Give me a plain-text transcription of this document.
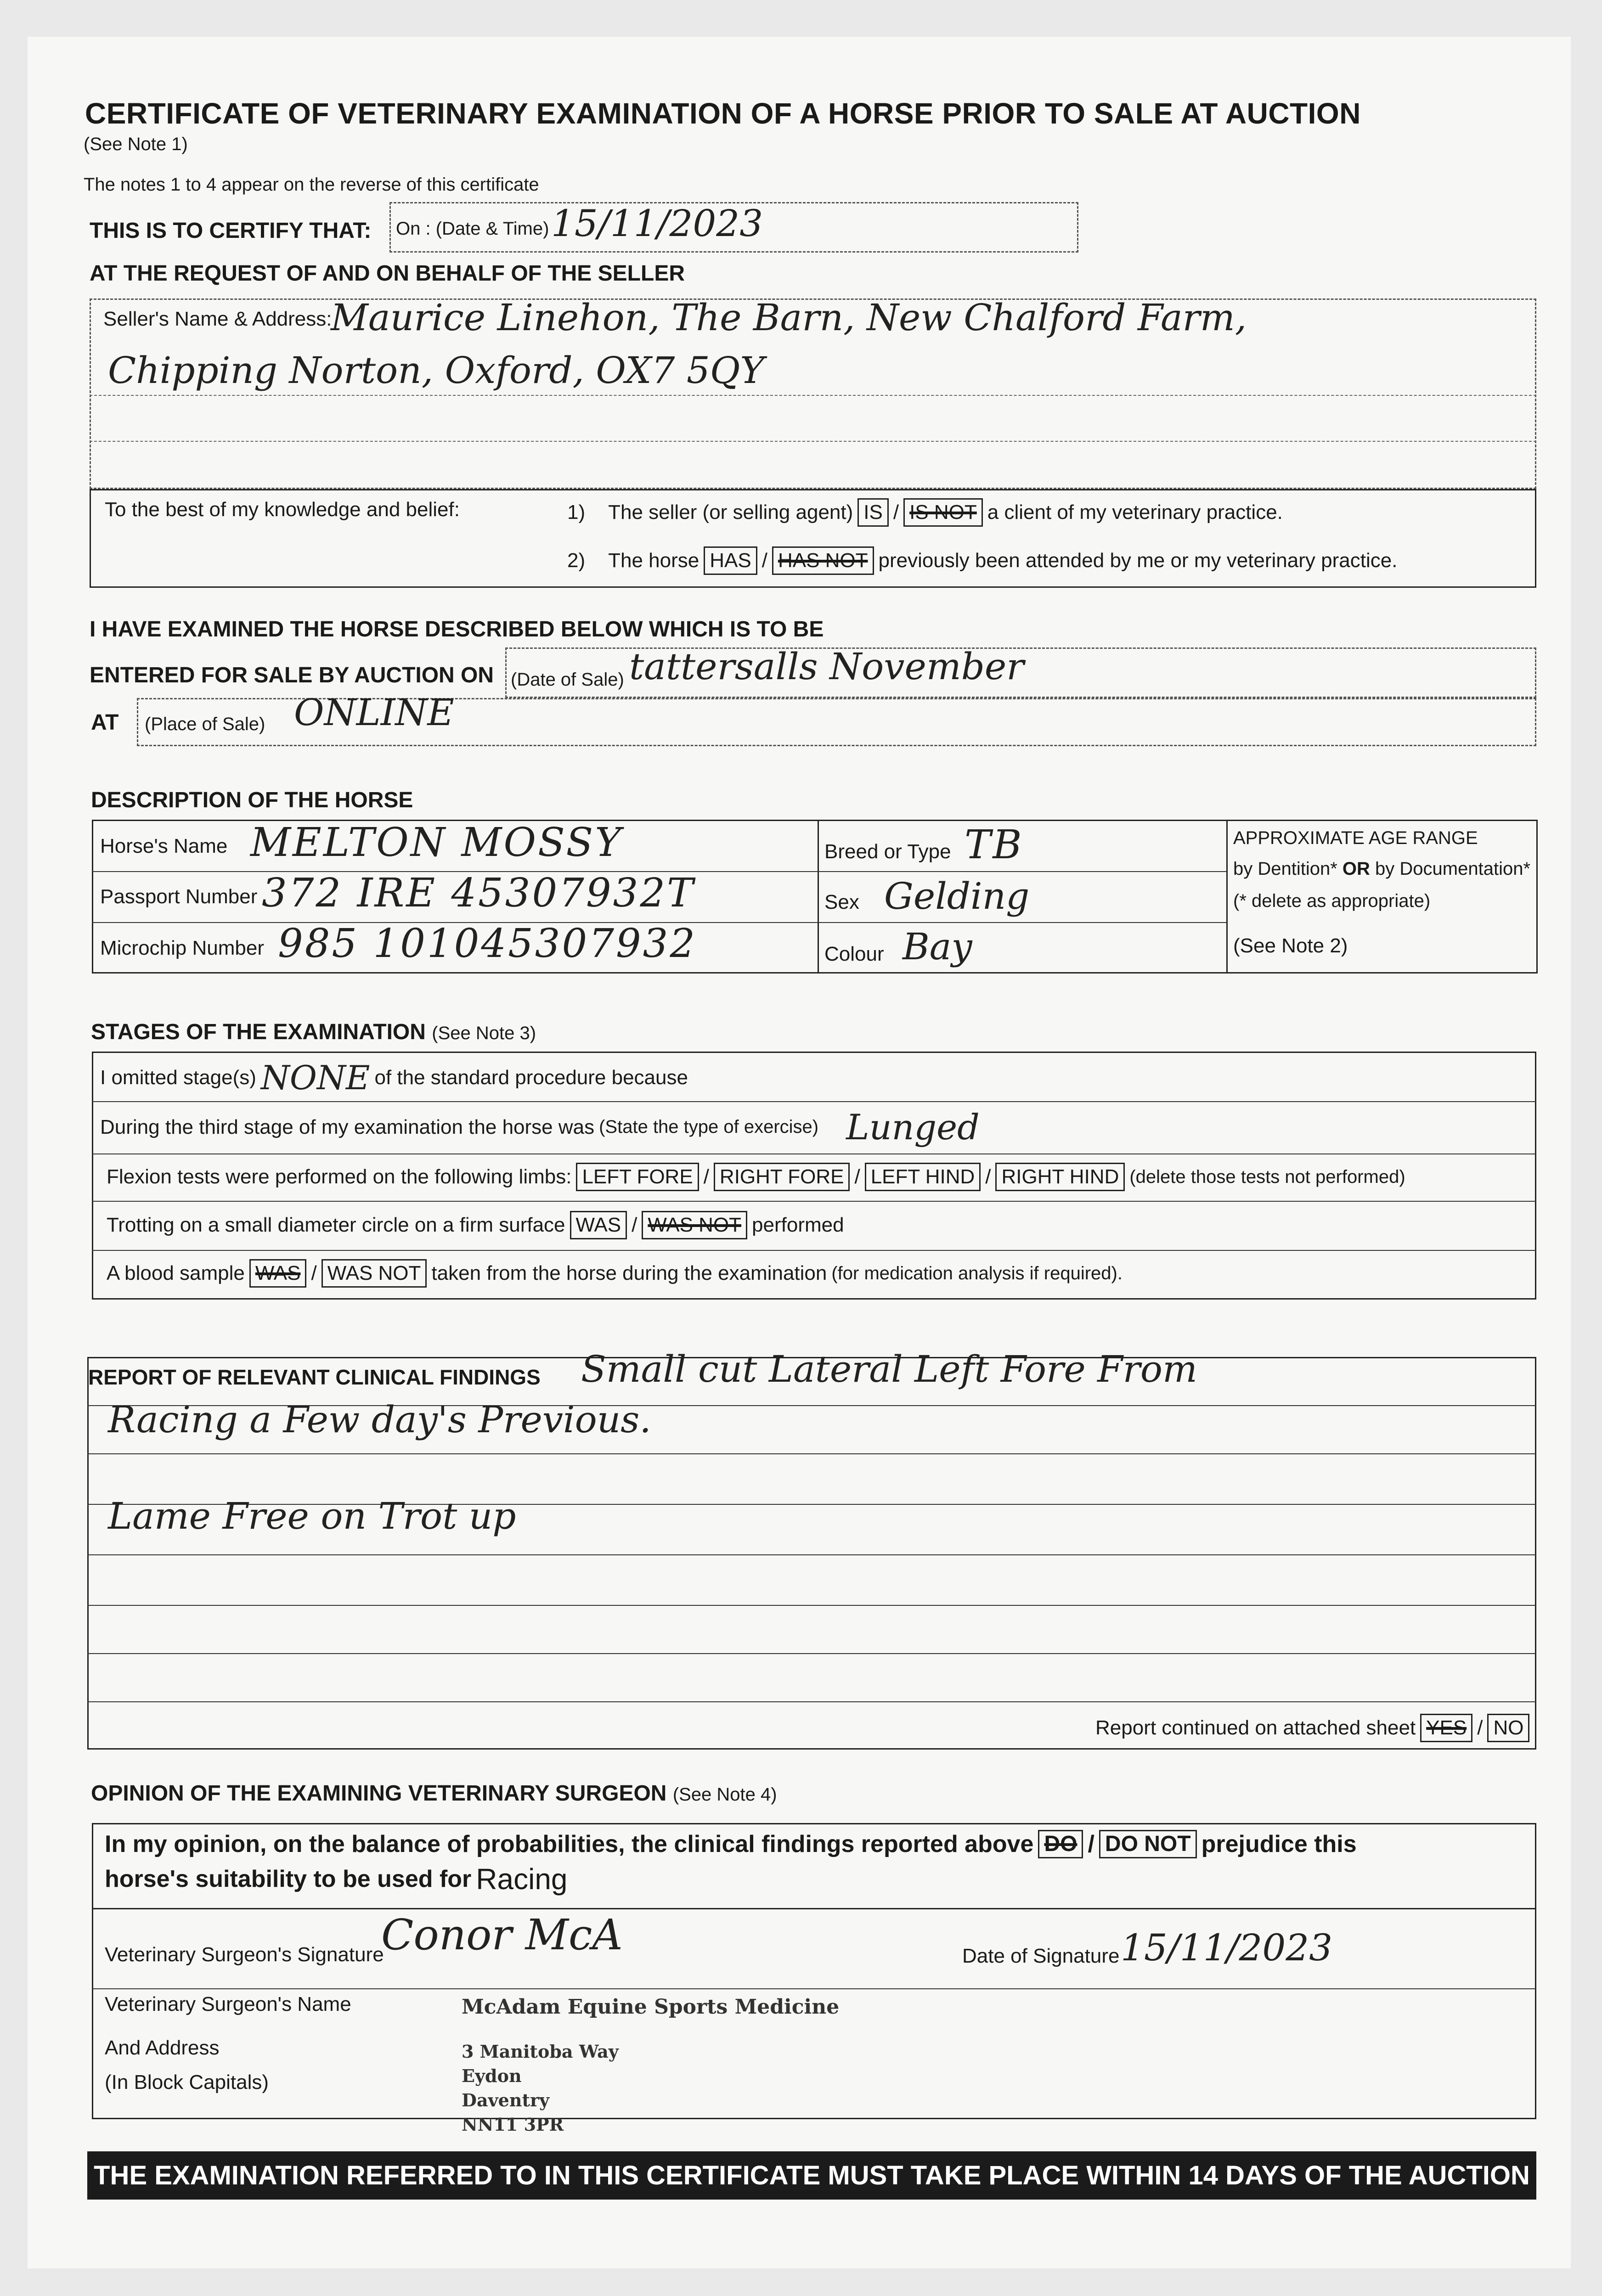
CERTIFICATE OF VETERINARY EXAMINATION OF A HORSE PRIOR TO SALE AT AUCTION
(See Note 1)
The notes 1 to 4 appear on the reverse of this certificate
THIS IS TO CERTIFY THAT: On : (Date & Time) 15/11/2023
AT THE REQUEST OF AND ON BEHALF OF THE SELLER
Seller's Name & Address:
Maurice Linehon, The Barn, New Chalford Farm,
Chipping Norton, Oxford, OX7 5QY
To the best of my knowledge and belief:	1) The seller (or selling agent) IS / IS NOT a client of my veterinary practice.
2) The horse HAS / HAS NOT previously been attended by me or my veterinary practice.
I HAVE EXAMINED THE HORSE DESCRIBED BELOW WHICH IS TO BE
ENTERED FOR SALE BY AUCTION ON (Date of Sale) tattersalls November
AT (Place of Sale) ONLINE
DESCRIPTION OF THE HORSE
Horse's Name MELTON MOSSY
Passport Number 372 IRE 45307932T
Microchip Number 985 101045307932
Breed or Type TB
Sex Gelding
Colour Bay
APPROXIMATE AGE RANGE
by Dentition* OR by Documentation*
(* delete as appropriate)
(See Note 2)
STAGES OF THE EXAMINATION (See Note 3)
I omitted stage(s) NONE of the standard procedure because
During the third stage of my examination the horse was (State the type of exercise) Lunged
Flexion tests were performed on the following limbs: LEFT FORE / RIGHT FORE / LEFT HIND / RIGHT HIND (delete those tests not performed)
Trotting on a small diameter circle on a firm surface WAS / WAS NOT performed
A blood sample WAS / WAS NOT taken from the horse during the examination (for medication analysis if required).
REPORT OF RELEVANT CLINICAL FINDINGS Small cut Lateral Left Fore From
Racing a Few day's Previous.
Lame Free on Trot up
Report continued on attached sheet YES / NO
OPINION OF THE EXAMINING VETERINARY SURGEON (See Note 4)
In my opinion, on the balance of probabilities, the clinical findings reported above DO / DO NOT prejudice this
horse's suitability to be used for Racing
Veterinary Surgeon's Signature
Conor McA	Date of Signature 15/11/2023
Veterinary Surgeon's Name	McAdam Equine Sports Medicine
And Address
(In Block Capitals)
3 Manitoba Way
Eydon
Daventry
NN11 3PR
THE EXAMINATION REFERRED TO IN THIS CERTIFICATE MUST TAKE PLACE WITHIN 14 DAYS OF THE AUCTION
